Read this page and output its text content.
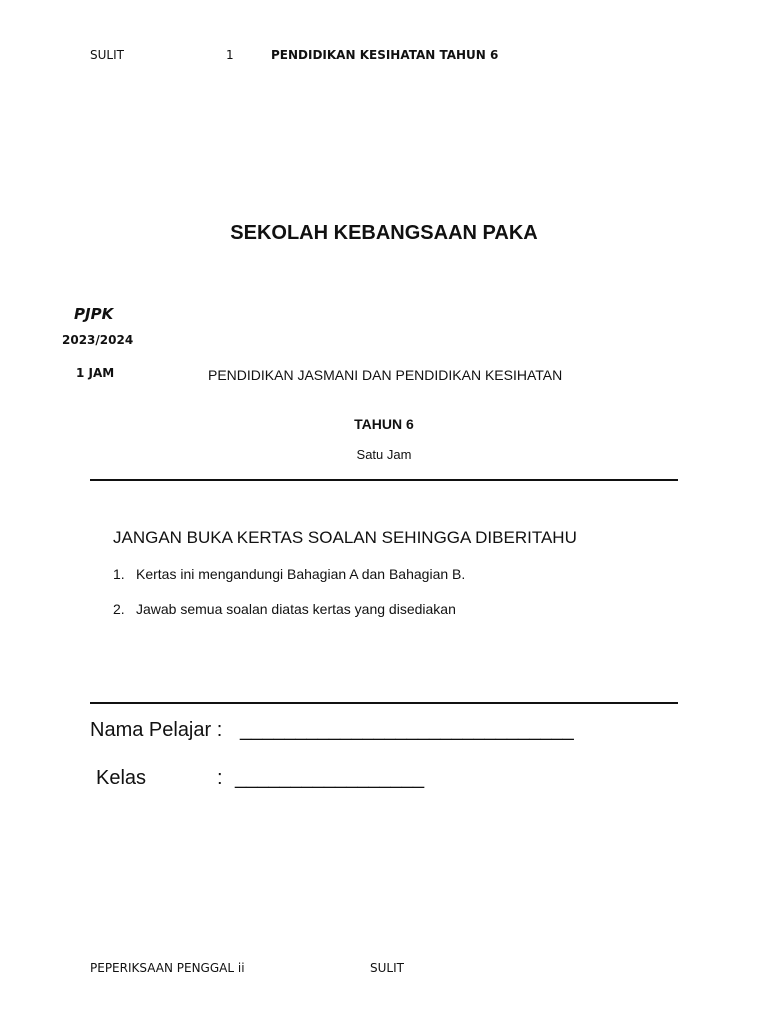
SULIT	1	PENDIDIKAN KESIHATAN TAHUN 6
SEKOLAH KEBANGSAAN PAKA
PJPK
2023/2024
1 JAM	PENDIDIKAN JASMANI DAN PENDIDIKAN KESIHATAN
TAHUN 6
Satu Jam
JANGAN BUKA KERTAS SOALAN SEHINGGA DIBERITAHU
1. Kertas ini mengandungi Bahagian A dan Bahagian B.
2. Jawab semua soalan diatas kertas yang disediakan
Nama Pelajar : ______________________________
Kelas	: _________________
PEPERIKSAAN PENGGAL ii	SULIT
